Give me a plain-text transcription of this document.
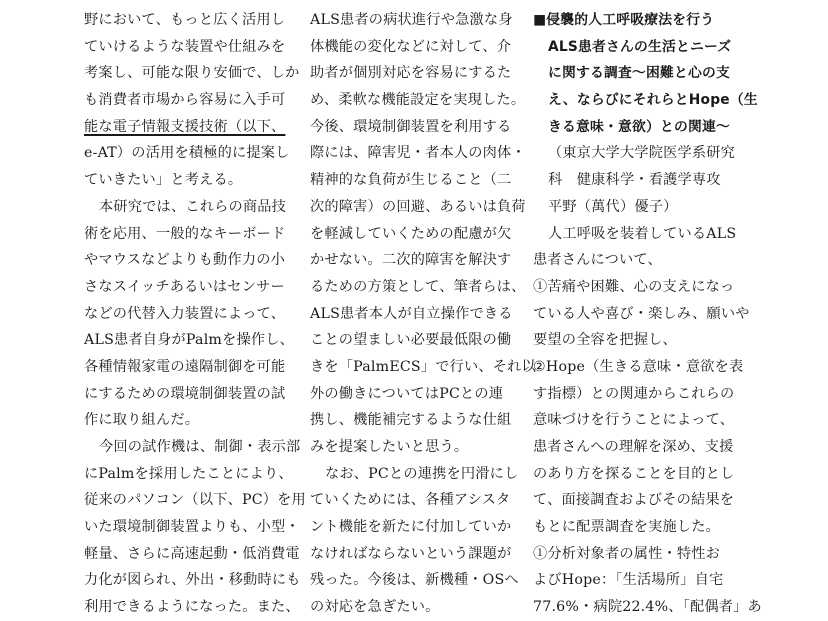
野において、もっと広く活用し
ていけるような装置や仕組みを
考案し、可能な限り安価で、しか
も消費者市場から容易に入手可
能な電子情報支援技術（以下、
e-AT）の活用を積極的に提案し
ていきたい」と考える。
本研究では、これらの商品技
術を応用、一般的なキーボード
やマウスなどよりも動作力の小
さなスイッチあるいはセンサー
などの代替入力装置によって、
ALS患者自身がPalmを操作し、
各種情報家電の遠隔制御を可能
にするための環境制御装置の試
作に取り組んだ。
今回の試作機は、制御・表示部
にPalmを採用したことにより、
従来のパソコン（以下、PC）を用
いた環境制御装置よりも、小型・
軽量、さらに高速起動・低消費電
力化が図られ、外出・移動時にも
利用できるようになった。また、
ALS患者の病状進行や急激な身
体機能の変化などに対して、介
助者が個別対応を容易にするた
め、柔軟な機能設定を実現した。
今後、環境制御装置を利用する
際には、障害児・者本人の肉体・
精神的な負荷が生じること（二
次的障害）の回避、あるいは負荷
を軽減していくための配慮が欠
かせない。二次的障害を解決す
るための方策として、筆者らは、
ALS患者本人が自立操作できる
ことの望ましい必要最低限の働
きを「PalmECS」で行い、それ以
外の働きについてはPCとの連
携し、機能補完するような仕組
みを提案したいと思う。
なお、PCとの連携を円滑にし
ていくためには、各種アシスタ
ント機能を新たに付加していか
なければならないという課題が
残った。今後は、新機種・OSへ
の対応を急ぎたい。
■侵襲的人工呼吸療法を行う
ALS患者さんの生活とニーズ
に関する調査〜困難と心の支
え、ならびにそれらとHope（生
きる意味・意欲）との関連〜
（東京大学大学院医学系研究
科　健康科学・看護学専攻
平野（萬代）優子）
人工呼吸を装着しているALS
患者さんについて、
①苦痛や困難、心の支えになっ
ている人や喜び・楽しみ、願いや
要望の全容を把握し、
②Hope（生きる意味・意欲を表
す指標）との関連からこれらの
意味づけを行うことによって、
患者さんへの理解を深め、支援
のあり方を探ることを目的とし
て、面接調査およびその結果を
もとに配票調査を実施した。
①分析対象者の属性・特性お
よびHope：「生活場所」自宅
77.6%・病院22.4%、「配偶者」あ
